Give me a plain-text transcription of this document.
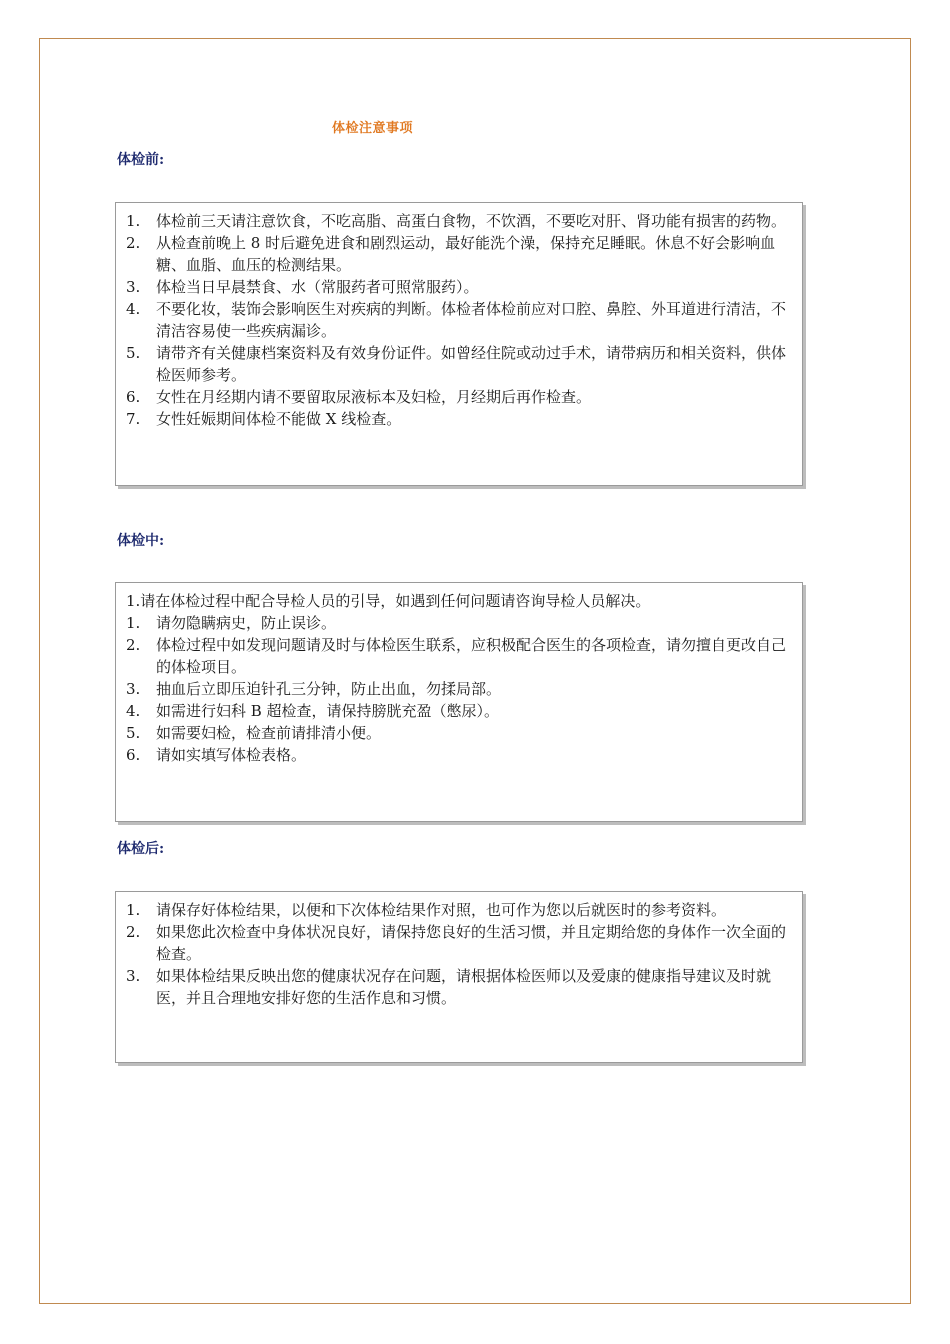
体检注意事项
体检前:
1.	体检前三天请注意饮食，不吃高脂、高蛋白食物，不饮酒，不要吃对肝、肾功能有损害的药物。
2.	从检查前晚上 8 时后避免进食和剧烈运动，最好能洗个澡，保持充足睡眠。休息不好会影响血糖、血脂、血压的检测结果。
3.	体检当日早晨禁食、水（常服药者可照常服药）。
4.	不要化妆，装饰会影响医生对疾病的判断。体检者体检前应对口腔、鼻腔、外耳道进行清洁，不清洁容易使一些疾病漏诊。
5.	请带齐有关健康档案资料及有效身份证件。如曾经住院或动过手术，请带病历和相关资料，供体检医师参考。
6.	女性在月经期内请不要留取尿液标本及妇检，月经期后再作检查。
7.	女性妊娠期间体检不能做 X 线检查。
体检中:
1.请在体检过程中配合导检人员的引导，如遇到任何问题请咨询导检人员解决。
1.	请勿隐瞒病史，防止误诊。
2.	体检过程中如发现问题请及时与体检医生联系，应积极配合医生的各项检查，请勿擅自更改自己的体检项目。
3.	抽血后立即压迫针孔三分钟，防止出血，勿揉局部。
4.	如需进行妇科 B 超检查，请保持膀胱充盈（憋尿）。
5.	如需要妇检，检查前请排清小便。
6.	请如实填写体检表格。
体检后:
1.	请保存好体检结果，以便和下次体检结果作对照，也可作为您以后就医时的参考资料。
2.	如果您此次检查中身体状况良好，请保持您良好的生活习惯，并且定期给您的身体作一次全面的检查。
3.	如果体检结果反映出您的健康状况存在问题，请根据体检医师以及爱康的健康指导建议及时就医，并且合理地安排好您的生活作息和习惯。
